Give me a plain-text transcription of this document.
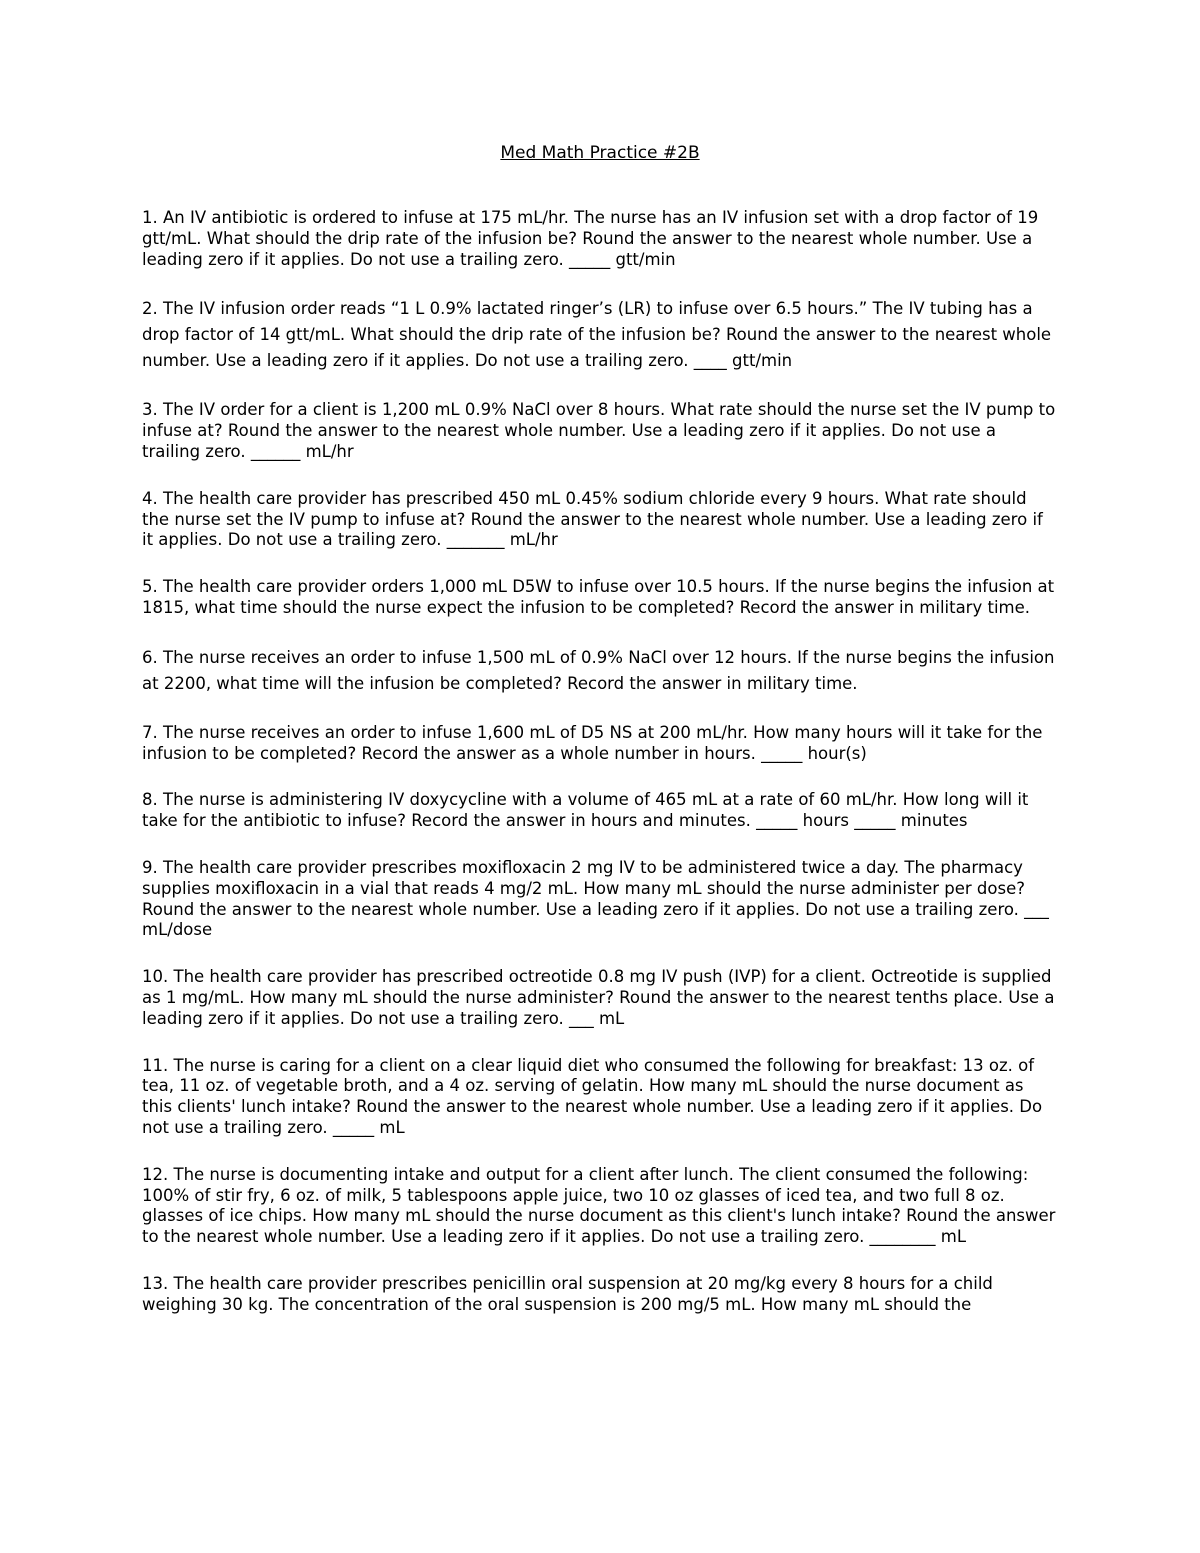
Med Math Practice #2B

1. An IV antibiotic is ordered to infuse at 175 mL/hr. The nurse has an IV infusion set with a drop factor of 19 gtt/mL. What should the drip rate of the infusion be? Round the answer to the nearest whole number. Use a leading zero if it applies. Do not use a trailing zero. _____ gtt/min

2. The IV infusion order reads “1 L 0.9% lactated ringer’s (LR) to infuse over 6.5 hours.” The IV tubing has a drop factor of 14 gtt/mL. What should the drip rate of the infusion be? Round the answer to the nearest whole number. Use a leading zero if it applies. Do not use a trailing zero. ____ gtt/min

3. The IV order for a client is 1,200 mL 0.9% NaCl over 8 hours. What rate should the nurse set the IV pump to infuse at? Round the answer to the nearest whole number. Use a leading zero if it applies. Do not use a trailing zero. ______ mL/hr

4. The health care provider has prescribed 450 mL 0.45% sodium chloride every 9 hours. What rate should the nurse set the IV pump to infuse at? Round the answer to the nearest whole number. Use a leading zero if it applies. Do not use a trailing zero. _______ mL/hr

5. The health care provider orders 1,000 mL D5W to infuse over 10.5 hours. If the nurse begins the infusion at 1815, what time should the nurse expect the infusion to be completed? Record the answer in military time.

6. The nurse receives an order to infuse 1,500 mL of 0.9% NaCl over 12 hours. If the nurse begins the infusion at 2200, what time will the infusion be completed? Record the answer in military time.

7. The nurse receives an order to infuse 1,600 mL of D5 NS at 200 mL/hr. How many hours will it take for the infusion to be completed? Record the answer as a whole number in hours. _____ hour(s)

8. The nurse is administering IV doxycycline with a volume of 465 mL at a rate of 60 mL/hr. How long will it take for the antibiotic to infuse? Record the answer in hours and minutes. _____ hours _____ minutes

9. The health care provider prescribes moxifloxacin 2 mg IV to be administered twice a day. The pharmacy supplies moxifloxacin in a vial that reads 4 mg/2 mL. How many mL should the nurse administer per dose? Round the answer to the nearest whole number. Use a leading zero if it applies. Do not use a trailing zero. ___ mL/dose

10. The health care provider has prescribed octreotide 0.8 mg IV push (IVP) for a client. Octreotide is supplied as 1 mg/mL. How many mL should the nurse administer? Round the answer to the nearest tenths place. Use a leading zero if it applies. Do not use a trailing zero. ___ mL

11. The nurse is caring for a client on a clear liquid diet who consumed the following for breakfast: 13 oz. of tea, 11 oz. of vegetable broth, and a 4 oz. serving of gelatin. How many mL should the nurse document as this clients' lunch intake? Round the answer to the nearest whole number. Use a leading zero if it applies. Do not use a trailing zero. _____ mL

12. The nurse is documenting intake and output for a client after lunch. The client consumed the following: 100% of stir fry, 6 oz. of milk, 5 tablespoons apple juice, two 10 oz glasses of iced tea, and two full 8 oz. glasses of ice chips. How many mL should the nurse document as this client's lunch intake? Round the answer to the nearest whole number. Use a leading zero if it applies. Do not use a trailing zero. ________ mL

13. The health care provider prescribes penicillin oral suspension at 20 mg/kg every 8 hours for a child weighing 30 kg. The concentration of the oral suspension is 200 mg/5 mL. How many mL should the
